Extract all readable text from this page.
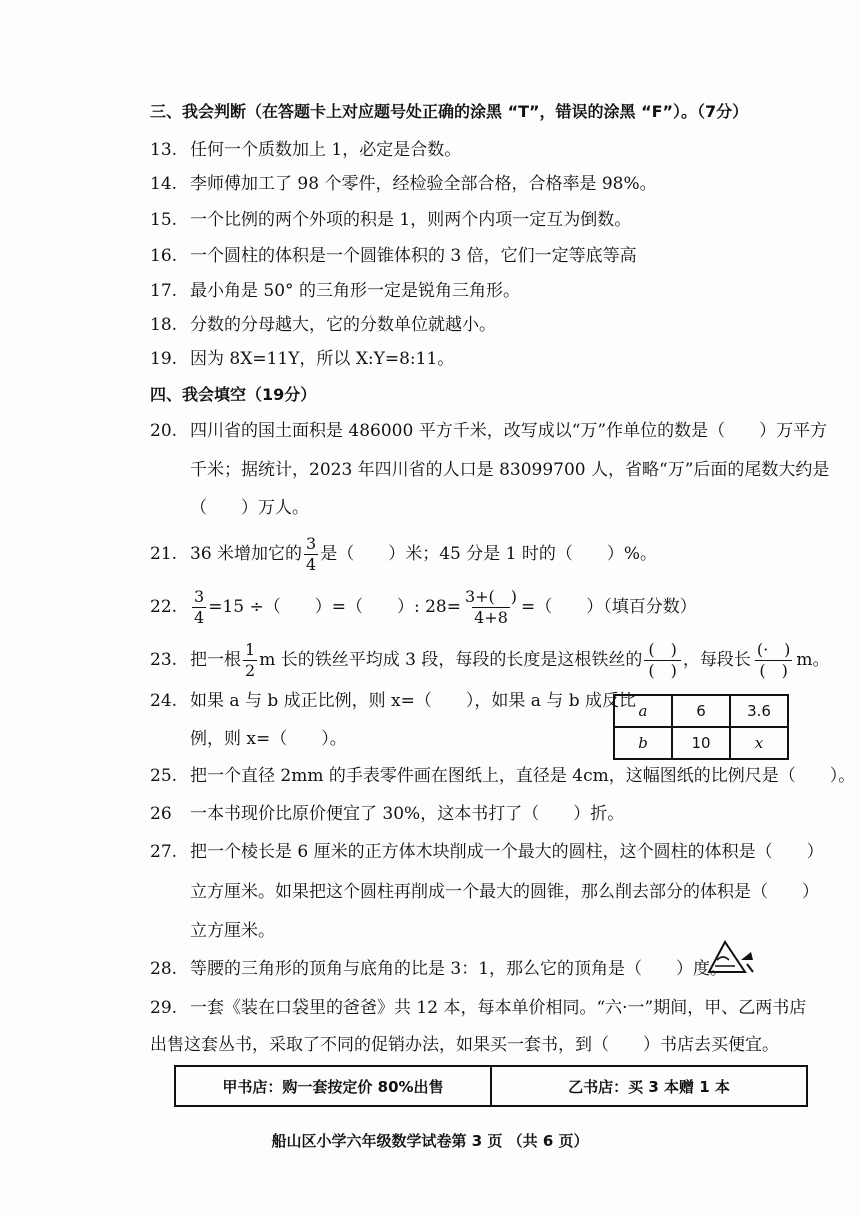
三、我会判断（在答题卡上对应题号处正确的涂黑 “T”，错误的涂黑 “F”）。（7分）
13. 任何一个质数加上 1，必定是合数。
14. 李师傅加工了 98 个零件，经检验全部合格，合格率是 98%。
15. 一个比例的两个外项的积是 1，则两个内项一定互为倒数。
16. 一个圆柱的体积是一个圆锥体积的 3 倍，它们一定等底等高
17. 最小角是 50° 的三角形一定是锐角三角形。
18. 分数的分母越大，它的分数单位就越小。
19. 因为 8X=11Y，所以 X:Y=8:11。
四、我会填空（19分）
20. 四川省的国土面积是 486000 平方千米，改写成以“万”作单位的数是（　　）万平方
千米；据统计，2023 年四川省的人口是 83099700 人，省略“万”后面的尾数大约是
（　　）万人。
21. 36 米增加它的 $\frac{3}{4}$ 是（　　）米；45 分是 1 时的（　　）%。
22. $\frac{3}{4} =15$ ÷（　　）=（　　）: $28= \frac{3+( )}{4+8}$ =（　　）（填百分数）
23. 把一根 $\frac{1}{2}$ m 长的铁丝平均成 3 段，每段的长度是这根铁丝的 $\frac{( )}{( )}$ ，每段长 $\frac{(\cdot )}{( )}$ m。
24. 如果 a 与 b 成正比例，则 x=（　　），如果 a 与 b 成反比
例，则 x=（　　）。
a	6	3.6
b	10	x
25. 把一个直径 2mm 的手表零件画在图纸上，直径是 4cm，这幅图纸的比例尺是（　　）。
26 一本书现价比原价便宜了 30%，这本书打了（　　）折。
27. 把一个棱长是 6 厘米的正方体木块削成一个最大的圆柱，这个圆柱的体积是（　　）
立方厘米。如果把这个圆柱再削成一个最大的圆锥，那么削去部分的体积是（　　）
立方厘米。
28. 等腰的三角形的顶角与底角的比是 3：1，那么它的顶角是（　　）度。
29. 一套《装在口袋里的爸爸》共 12 本，每本单价相同。“六·一”期间，甲、乙两书店
出售这套丛书，采取了不同的促销办法，如果买一套书，到（　　）书店去买便宜。
甲书店：购一套按定价 80%出售	乙书店：买 3 本赠 1 本
船山区小学六年级数学试卷第 3 页 （共 6 页）
